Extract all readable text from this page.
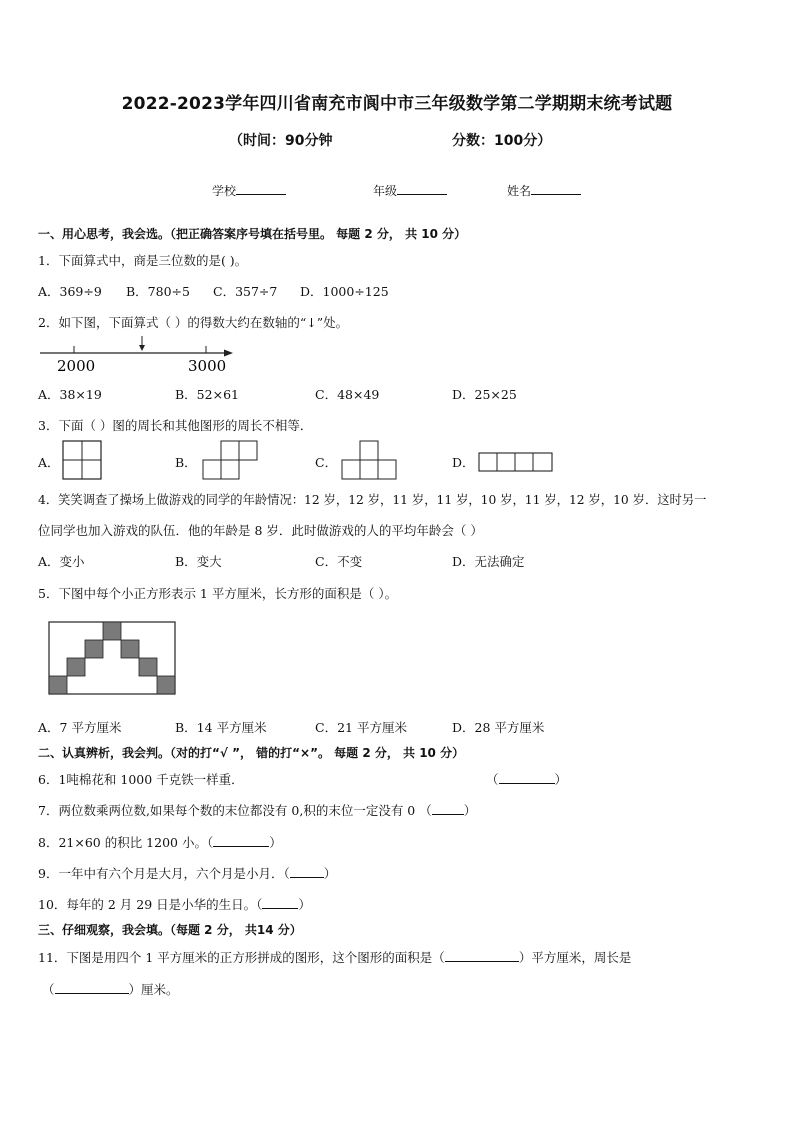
2022-2023学年四川省南充市阆中市三年级数学第二学期期末统考试题
（时间：90分钟	分数：100分）
学校	年级	姓名
一、用心思考，我会选。（把正确答案序号填在括号里。 每题 2 分， 共 10 分）
1．下面算式中，商是三位数的是( )。
A．369÷9 B．780÷5 C．357÷7 D．1000÷125
2．如下图，下面算式（ ）的得数大约在数轴的“↓”处。
2000	3000
A．38×19	B．52×61	C．48×49	D．25×25
3．下面（ ）图的周长和其他图形的周长不相等．
A．	B．	C．	D．
4．笑笑调查了操场上做游戏的同学的年龄情况：12 岁，12 岁，11 岁，11 岁，10 岁，11 岁，12 岁，10 岁．这时另一
位同学也加入游戏的队伍．他的年龄是 8 岁．此时做游戏的人的平均年龄会（ ）
A．变小	B．变大	C．不变	D．无法确定
5．下图中每个小正方形表示 1 平方厘米，长方形的面积是（ ）。
A．7 平方厘米	B．14 平方厘米	C．21 平方厘米	D．28 平方厘米
二、认真辨析，我会判。（对的打“√ ”， 错的打“×”。 每题 2 分， 共 10 分）
6．1吨棉花和 1000 千克铁一样重．	（	）
7．两位数乘两位数,如果每个数的末位都没有 0,积的末位一定没有 0 （	）
8．21×60 的积比 1200 小。（	）
9．一年中有六个月是大月，六个月是小月．（	）
10．每年的 2 月 29 日是小华的生日。（	）
三、仔细观察，我会填。（每题 2 分， 共14 分）
11．下图是用四个 1 平方厘米的正方形拼成的图形，这个图形的面积是（	）平方厘米，周长是
（	）厘米。
